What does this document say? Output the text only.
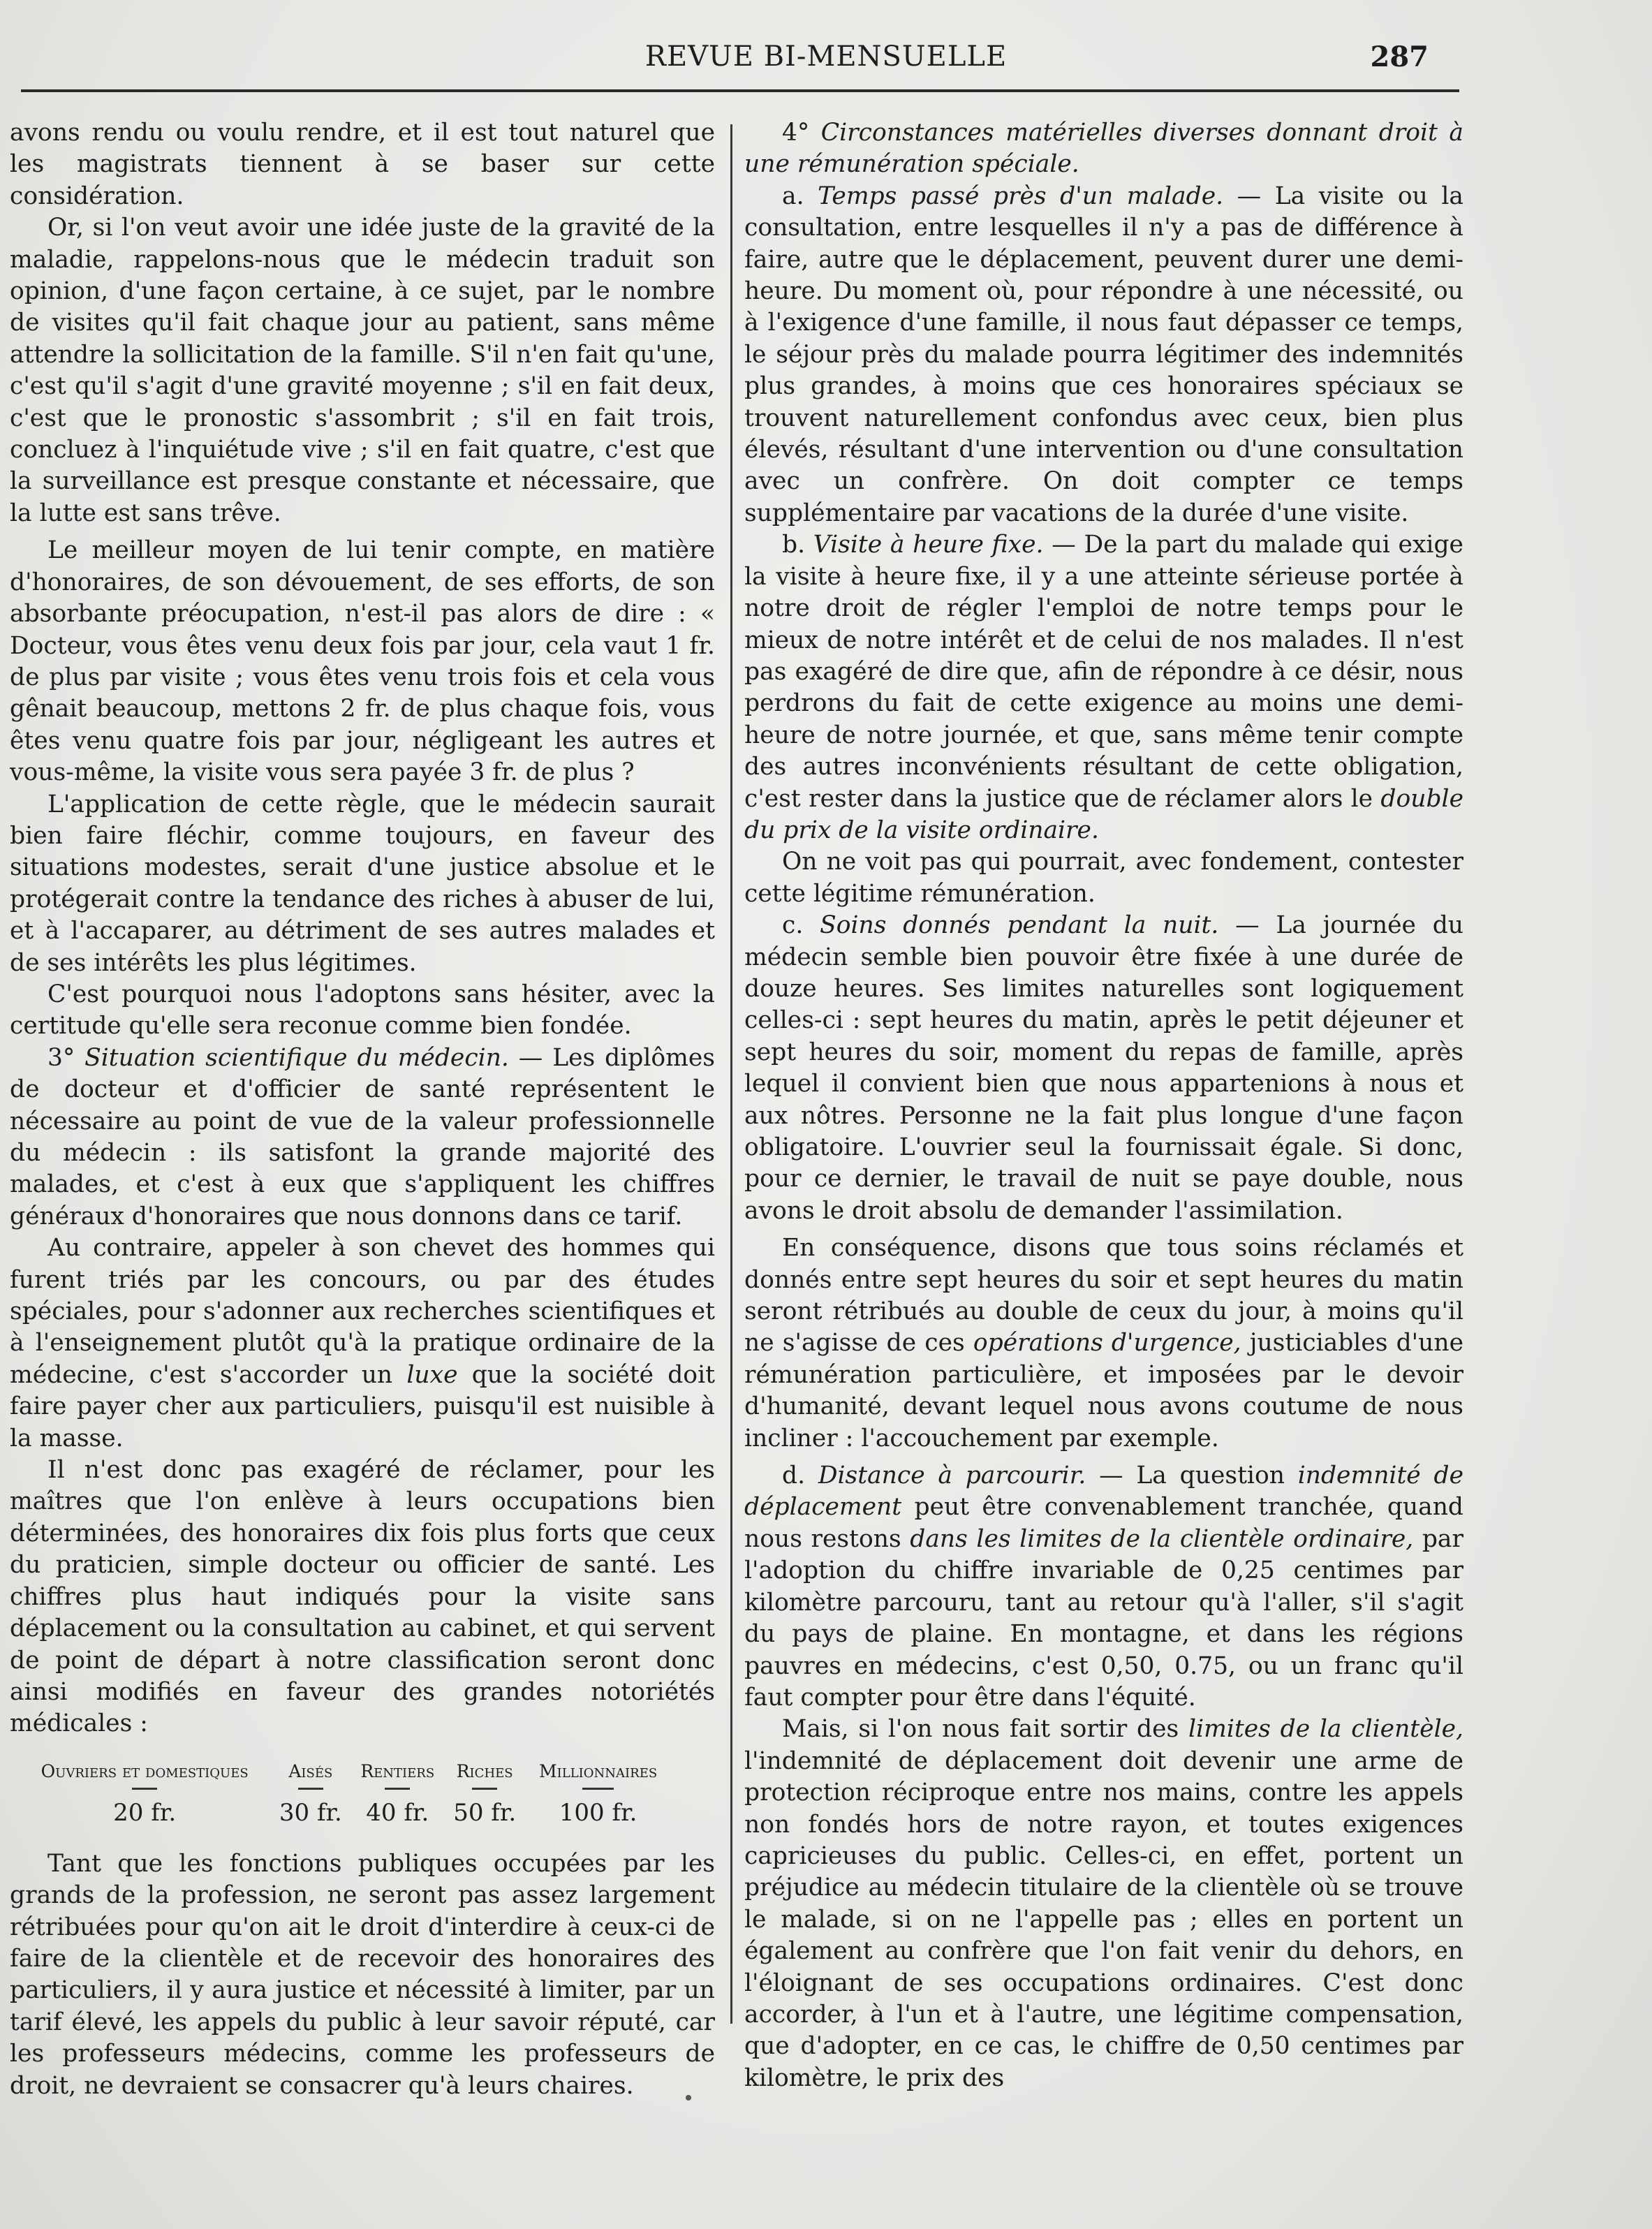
REVUE BI-MENSUELLE	287

avons rendu ou voulu rendre, et il est tout naturel que les magistrats tiennent à se baser sur cette considération.

Or, si l'on veut avoir une idée juste de la gravité de la maladie, rappelons-nous que le médecin traduit son opinion, d'une façon certaine, à ce sujet, par le nombre de visites qu'il fait chaque jour au patient, sans même attendre la sollicitation de la famille. S'il n'en fait qu'une, c'est qu'il s'agit d'une gravité moyenne ; s'il en fait deux, c'est que le pronostic s'assombrit ; s'il en fait trois, concluez à l'inquiétude vive ; s'il en fait quatre, c'est que la surveillance est presque constante et nécessaire, que la lutte est sans trêve.

Le meilleur moyen de lui tenir compte, en matière d'honoraires, de son dévouement, de ses efforts, de son absorbante préocupation, n'est-il pas alors de dire : « Docteur, vous êtes venu deux fois par jour, cela vaut 1 fr. de plus par visite ; vous êtes venu trois fois et cela vous gênait beaucoup, mettons 2 fr. de plus chaque fois, vous êtes venu quatre fois par jour, négligeant les autres et vous-même, la visite vous sera payée 3 fr. de plus ?

L'application de cette règle, que le médecin saurait bien faire fléchir, comme toujours, en faveur des situations modestes, serait d'une justice absolue et le protégerait contre la tendance des riches à abuser de lui, et à l'accaparer, au détriment de ses autres malades et de ses intérêts les plus légitimes.

C'est pourquoi nous l'adoptons sans hésiter, avec la certitude qu'elle sera reconue comme bien fondée.

3° Situation scientifique du médecin. — Les diplômes de docteur et d'officier de santé représentent le nécessaire au point de vue de la valeur professionnelle du médecin : ils satisfont la grande majorité des malades, et c'est à eux que s'appliquent les chiffres généraux d'honoraires que nous donnons dans ce tarif.

Au contraire, appeler à son chevet des hommes qui furent triés par les concours, ou par des études spéciales, pour s'adonner aux recherches scientifiques et à l'enseignement plutôt qu'à la pratique ordinaire de la médecine, c'est s'accorder un luxe que la société doit faire payer cher aux particuliers, puisqu'il est nuisible à la masse.

Il n'est donc pas exagéré de réclamer, pour les maîtres que l'on enlève à leurs occupations bien déterminées, des honoraires dix fois plus forts que ceux du praticien, simple docteur ou officier de santé. Les chiffres plus haut indiqués pour la visite sans déplacement ou la consultation au cabinet, et qui servent de point de départ à notre classification seront donc ainsi modifiés en faveur des grandes notoriétés médicales :

Ouvriers et domestiques	Aisés	Rentiers	Riches	Millionnaires
20 fr.	30 fr.	40 fr.	50 fr.	100 fr.

Tant que les fonctions publiques occupées par les grands de la profession, ne seront pas assez largement rétribuées pour qu'on ait le droit d'interdire à ceux-ci de faire de la clientèle et de recevoir des honoraires des particuliers, il y aura justice et nécessité à limiter, par un tarif élevé, les appels du public à leur savoir réputé, car les professeurs médecins, comme les professeurs de droit, ne devraient se consacrer qu'à leurs chaires.

4° Circonstances matérielles diverses donnant droit à une rémunération spéciale.

a. Temps passé près d'un malade. — La visite ou la consultation, entre lesquelles il n'y a pas de différence à faire, autre que le déplacement, peuvent durer une demi-heure. Du moment où, pour répondre à une nécessité, ou à l'exigence d'une famille, il nous faut dépasser ce temps, le séjour près du malade pourra légitimer des indemnités plus grandes, à moins que ces honoraires spéciaux se trouvent naturellement confondus avec ceux, bien plus élevés, résultant d'une intervention ou d'une consultation avec un confrère. On doit compter ce temps supplémentaire par vacations de la durée d'une visite.

b. Visite à heure fixe. — De la part du malade qui exige la visite à heure fixe, il y a une atteinte sérieuse portée à notre droit de régler l'emploi de notre temps pour le mieux de notre intérêt et de celui de nos malades. Il n'est pas exagéré de dire que, afin de répondre à ce désir, nous perdrons du fait de cette exigence au moins une demi-heure de notre journée, et que, sans même tenir compte des autres inconvénients résultant de cette obligation, c'est rester dans la justice que de réclamer alors le double du prix de la visite ordinaire.

On ne voit pas qui pourrait, avec fondement, contester cette légitime rémunération.

c. Soins donnés pendant la nuit. — La journée du médecin semble bien pouvoir être fixée à une durée de douze heures. Ses limites naturelles sont logiquement celles-ci : sept heures du matin, après le petit déjeuner et sept heures du soir, moment du repas de famille, après lequel il convient bien que nous appartenions à nous et aux nôtres. Personne ne la fait plus longue d'une façon obligatoire. L'ouvrier seul la fournissait égale. Si donc, pour ce dernier, le travail de nuit se paye double, nous avons le droit absolu de demander l'assimilation.

En conséquence, disons que tous soins réclamés et donnés entre sept heures du soir et sept heures du matin seront rétribués au double de ceux du jour, à moins qu'il ne s'agisse de ces opérations d'urgence, justiciables d'une rémunération particulière, et imposées par le devoir d'humanité, devant lequel nous avons coutume de nous incliner : l'accouchement par exemple.

d. Distance à parcourir. — La question indemnité de déplacement peut être convenablement tranchée, quand nous restons dans les limites de la clientèle ordinaire, par l'adoption du chiffre invariable de 0,25 centimes par kilomètre parcouru, tant au retour qu'à l'aller, s'il s'agit du pays de plaine. En montagne, et dans les régions pauvres en médecins, c'est 0,50, 0.75, ou un franc qu'il faut compter pour être dans l'équité.

Mais, si l'on nous fait sortir des limites de la clientèle, l'indemnité de déplacement doit devenir une arme de protection réciproque entre nos mains, contre les appels non fondés hors de notre rayon, et toutes exigences capricieuses du public. Celles-ci, en effet, portent un préjudice au médecin titulaire de la clientèle où se trouve le malade, si on ne l'appelle pas ; elles en portent un également au confrère que l'on fait venir du dehors, en l'éloignant de ses occupations ordinaires. C'est donc accorder, à l'un et à l'autre, une légitime compensation, que d'adopter, en ce cas, le chiffre de 0,50 centimes par kilomètre, le prix des
